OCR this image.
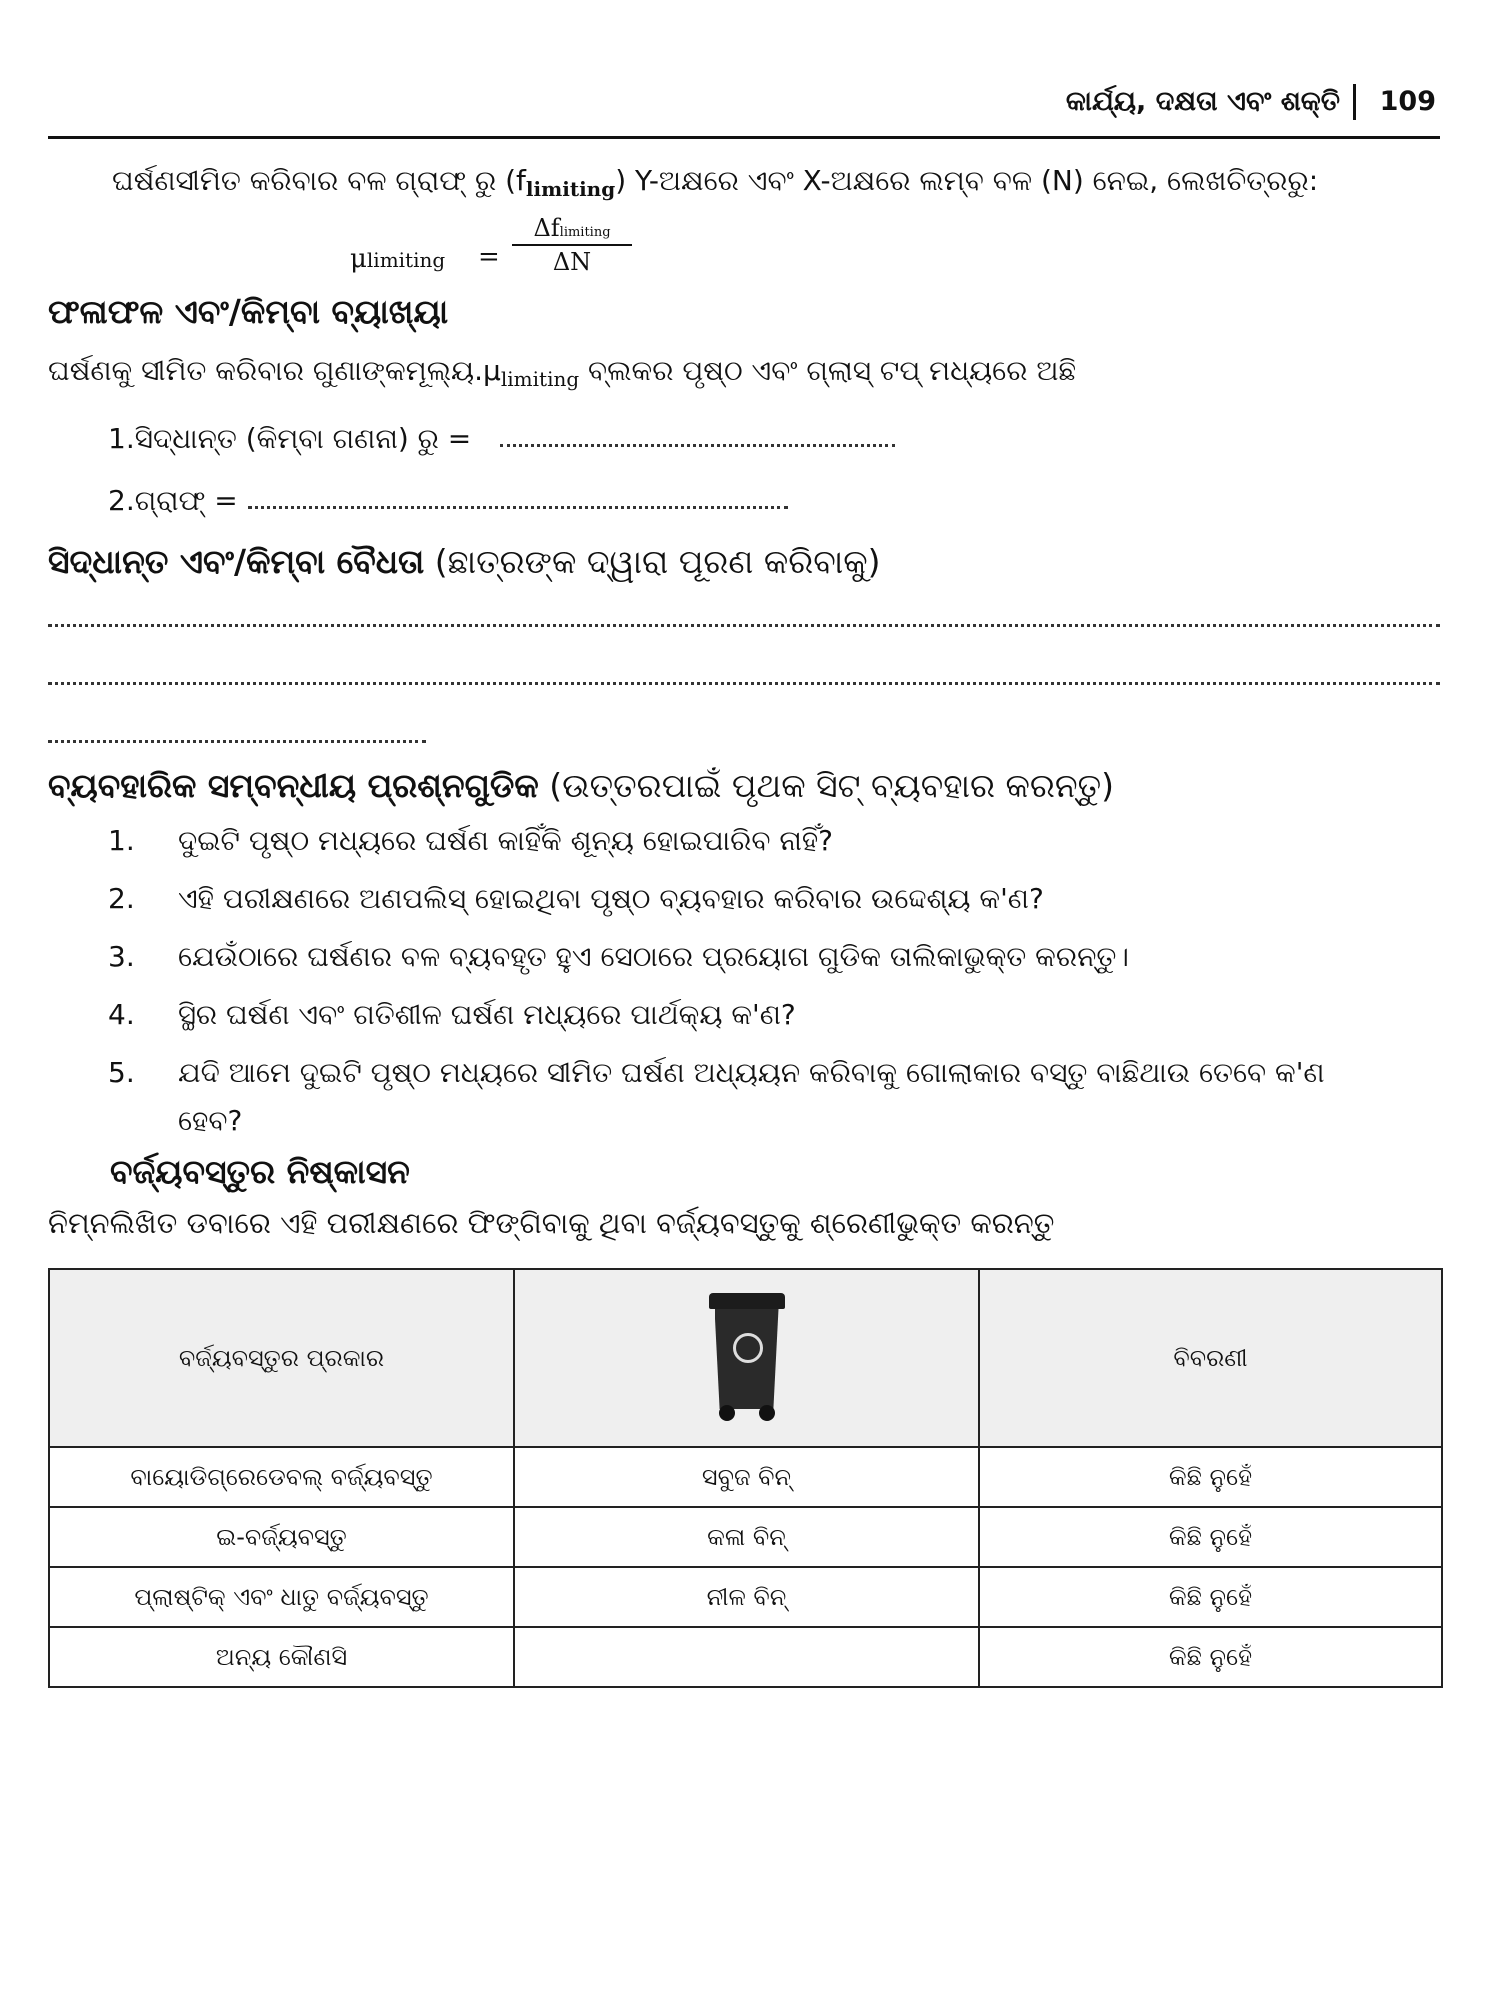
କାର୍ଯ୍ୟ, ଦକ୍ଷତା ଏବଂ ଶକ୍ତି 109
ଘର୍ଷଣସୀମିତ କରିବାର ବଳ ଗ୍ରାଫ୍ ରୁ $(f_{limiting})$ Y-ଅକ୍ଷରେ ଏବଂ X-ଅକ୍ଷରେ ଲମ୍ବ ବଳ (N) ନେଇ, ଲେଖଚିତ୍ରରୁ:
μlimiting =
Δflimiting
ΔN
ଫଳାଫଳ ଏବଂ/କିମ୍ବା ବ୍ୟାଖ୍ୟା
ଘର୍ଷଣକୁ ସୀମିତ କରିବାର $ଗୁଣାଙ୍କମୂଲ୍ୟ.\mu_{limiting}$ ବ୍ଲକର ପୃଷ୍ଠ ଏବଂ ଗ୍ଲାସ୍ ଟପ୍ ମଧ୍ୟରେ ଅଛି
1.ସିଦ୍ଧାନ୍ତ (କିମ୍ବା ଗଣନା) ରୁ =
2.ଗ୍ରାଫ୍ =
ସିଦ୍ଧାନ୍ତ ଏବଂ/କିମ୍ବା ବୈଧତା (ଛାତ୍ରଙ୍କ ଦ୍ୱାରା ପୂରଣ କରିବାକୁ)
ବ୍ୟବହାରିକ ସମ୍ବନ୍ଧୀୟ ପ୍ରଶ୍ନଗୁଡିକ (ଉତ୍ତରପାଇଁ ପୃଥକ ସିଟ୍ ବ୍ୟବହାର କରନ୍ତୁ)
1. ଦୁଇଟି ପୃଷ୍ଠ ମଧ୍ୟରେ ଘର୍ଷଣ କାହିଁକି ଶୂନ୍ୟ ହୋଇପାରିବ ନାହିଁ?
2. ଏହି ପରୀକ୍ଷଣରେ ଅଣପଲିସ୍ ହୋଇଥିବା ପୃଷ୍ଠ ବ୍ୟବହାର କରିବାର ଉଦ୍ଦେଶ୍ୟ କ'ଣ?
3. ଯେଉଁଠାରେ ଘର୍ଷଣର ବଳ ବ୍ୟବହୃତ ହୁଏ ସେଠାରେ ପ୍ରୟୋଗ ଗୁଡିକ ତାଲିକାଭୁକ୍ତ କରନ୍ତୁ।
4. ସ୍ଥିର ଘର୍ଷଣ ଏବଂ ଗତିଶୀଳ ଘର୍ଷଣ ମଧ୍ୟରେ ପାର୍ଥକ୍ୟ କ'ଣ?
5. ଯଦି ଆମେ ଦୁଇଟି ପୃଷ୍ଠ ମଧ୍ୟରେ ସୀମିତ ଘର୍ଷଣ ଅଧ୍ୟୟନ କରିବାକୁ ଗୋଲାକାର ବସ୍ତୁ ବାଛିଥାଉ ତେବେ କ'ଣ
ହେବ?
ବର୍ଜ୍ୟବସ୍ତୁର ନିଷ୍କାସନ
ନିମ୍ନଲିଖିତ ଡବାରେ ଏହି ପରୀକ୍ଷଣରେ ଫିଙ୍ଗିବାକୁ ଥିବା ବର୍ଜ୍ୟବସ୍ତୁକୁ ଶ୍ରେଣୀଭୁକ୍ତ କରନ୍ତୁ
ବର୍ଜ୍ୟବସ୍ତୁର ପ୍ରକାର		ବିବରଣୀ
ବାୟୋଡିଗ୍ରେଡେବଲ୍ ବର୍ଜ୍ୟବସ୍ତୁ	ସବୁଜ ବିନ୍	କିଛି ନୁହେଁ
ଇ-ବର୍ଜ୍ୟବସ୍ତୁ	କଳା ବିନ୍	କିଛି ନୁହେଁ
ପ୍ଲାଷ୍ଟିକ୍ ଏବଂ ଧାତୁ ବର୍ଜ୍ୟବସ୍ତୁ	ନୀଳ ବିନ୍	କିଛି ନୁହେଁ
ଅନ୍ୟ କୌଣସି		କିଛି ନୁହେଁ
